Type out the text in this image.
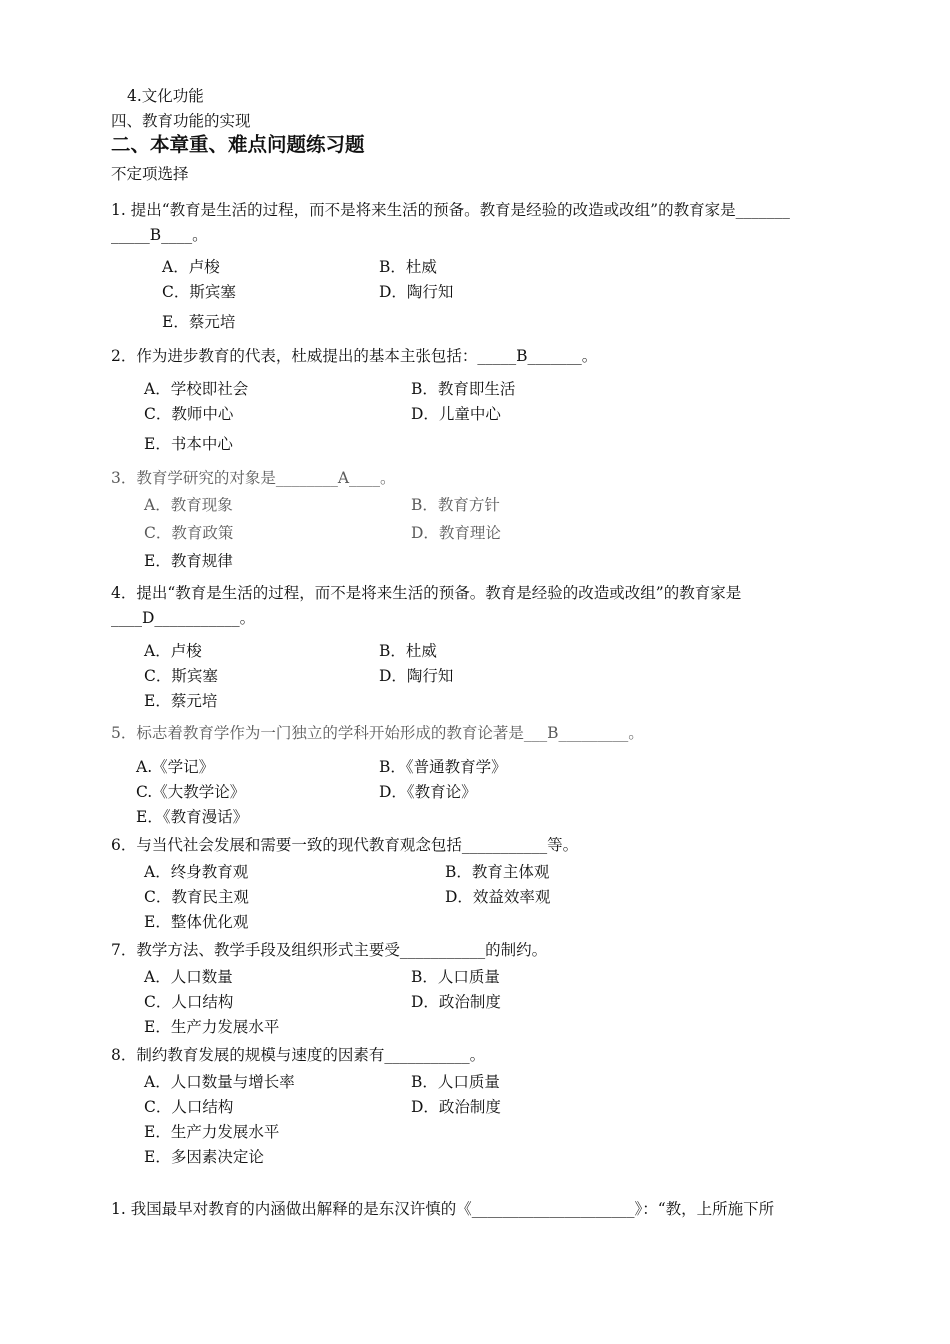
4.文化功能
四、教育功能的实现
二、本章重、难点问题练习题
不定项选择
1. 提出“教育是生活的过程，而不是将来生活的预备。教育是经验的改造或改组”的教育家是_______
_____B____。
A．卢梭	B．杜威
C．斯宾塞	D．陶行知
E．蔡元培
2．作为进步教育的代表，杜威提出的基本主张包括：_____B_______。
A．学校即社会	B．教育即生活
C．教师中心	D．儿童中心
E．书本中心
3．教育学研究的对象是________A____。
A．教育现象	B．教育方针
C．教育政策	D．教育理论
E．教育规律
4．提出“教育是生活的过程，而不是将来生活的预备。教育是经验的改造或改组”的教育家是
____D___________。
A．卢梭	B．杜威
C．斯宾塞	D．陶行知
E．蔡元培
5．标志着教育学作为一门独立的学科开始形成的教育论著是___B_________。
A.《学记》	B．《普通教育学》
C.《大教学论》	D．《教育论》
E．《教育漫话》
6．与当代社会发展和需要一致的现代教育观念包括___________等。
A．终身教育观	B．教育主体观
C．教育民主观	D．效益效率观
E．整体优化观
7．教学方法、教学手段及组织形式主要受___________的制约。
A．人口数量	B．人口质量
C．人口结构	D．政治制度
E．生产力发展水平
8．制约教育发展的规模与速度的因素有___________。
A．人口数量与增长率	B．人口质量
C．人口结构	D．政治制度
E．生产力发展水平
E．多因素决定论
1. 我国最早对教育的内涵做出解释的是东汉许慎的《_____________________》：“教，上所施下所
